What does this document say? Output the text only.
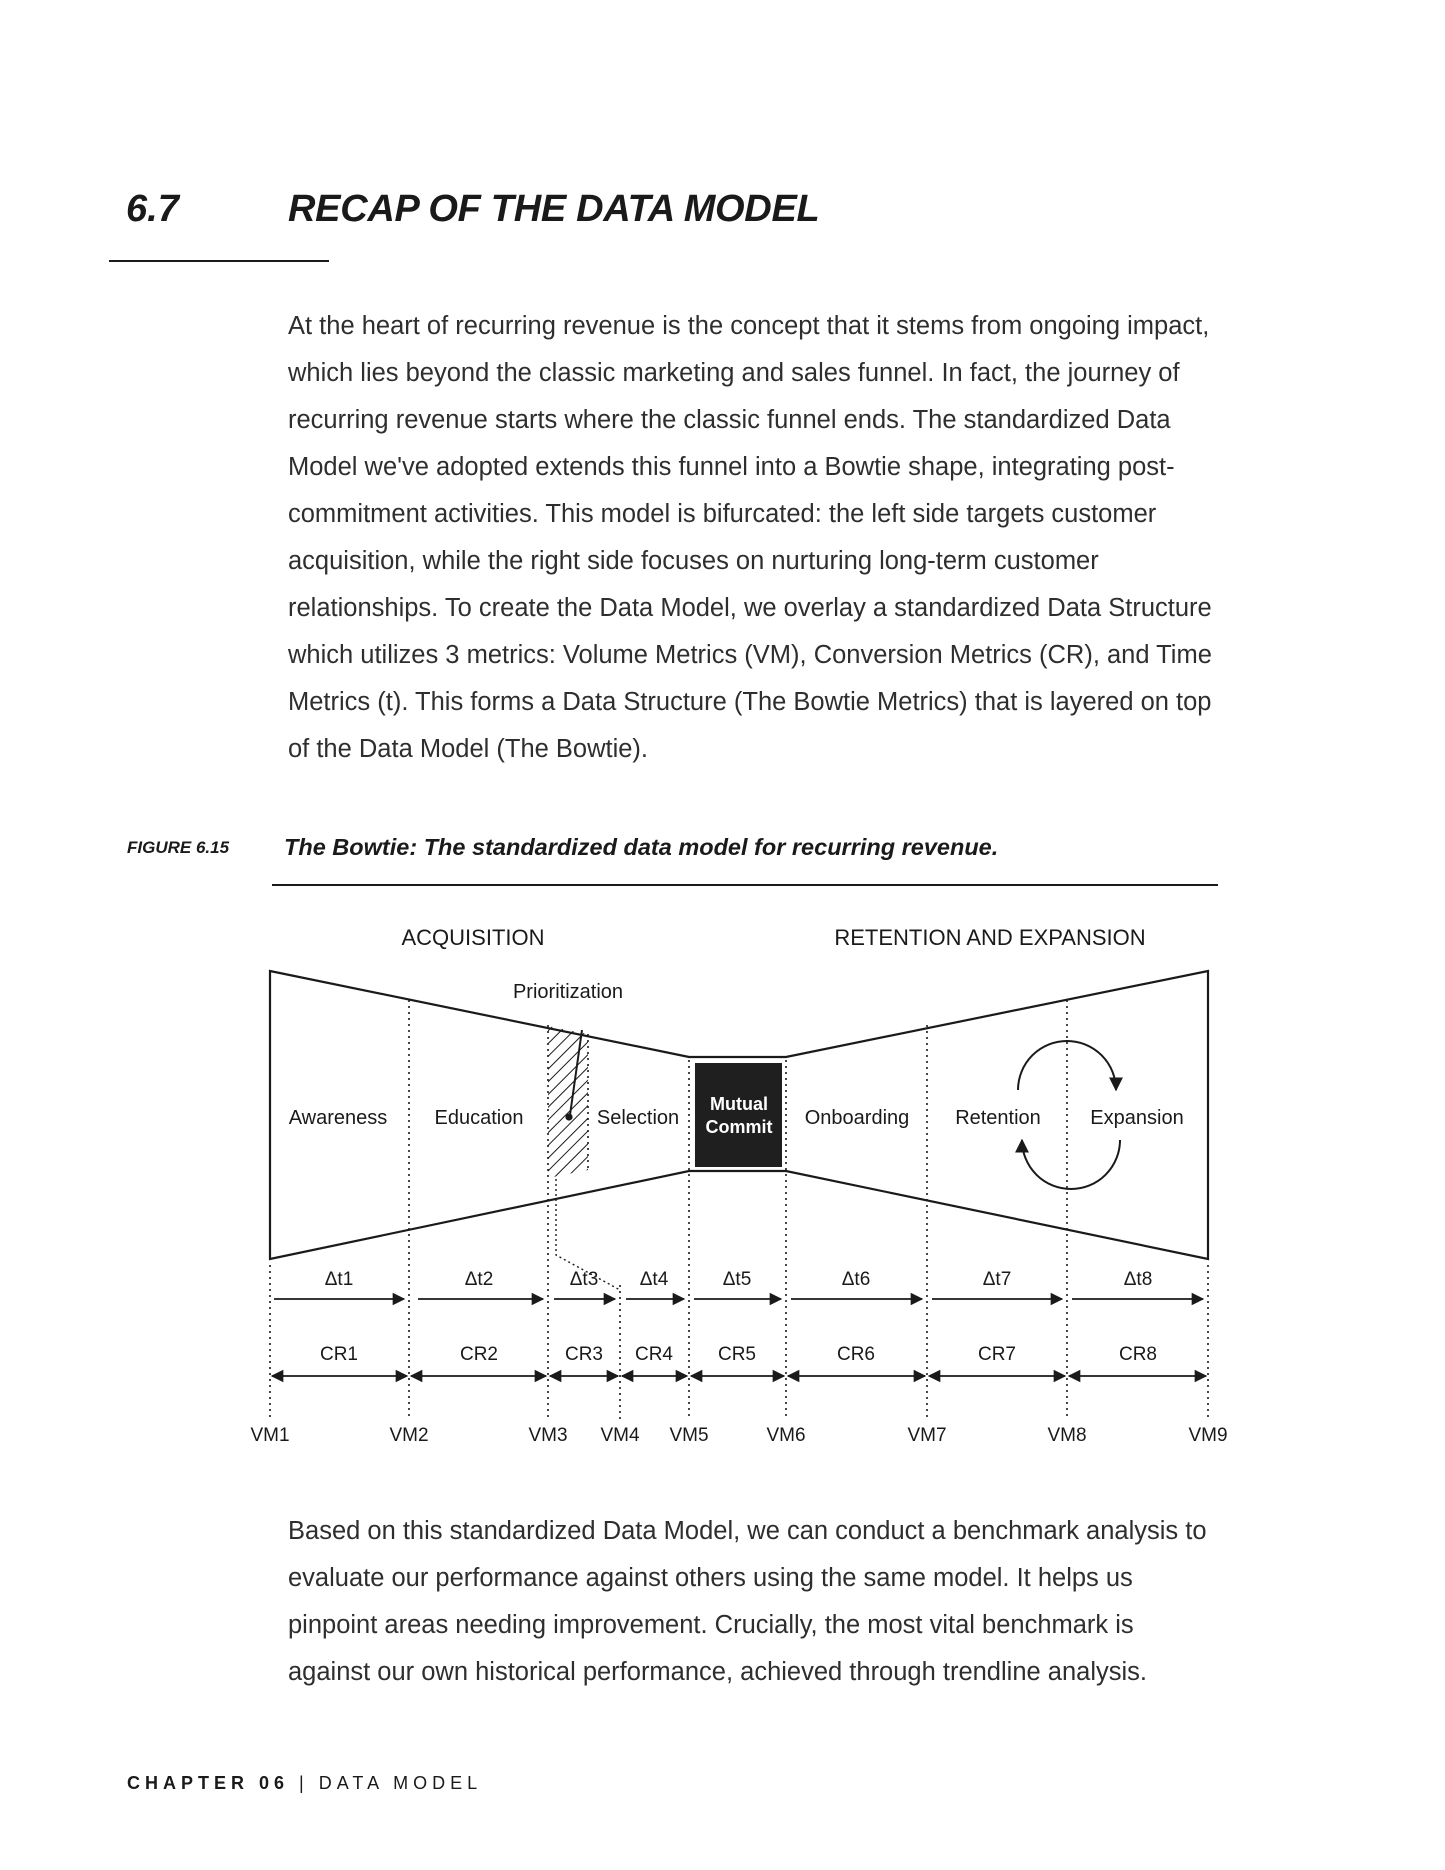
6.7	RECAP OF THE DATA MODEL

At the heart of recurring revenue is the concept that it stems from ongoing impact, which lies beyond the classic marketing and sales funnel. In fact, the journey of recurring revenue starts where the classic funnel ends. The standardized Data Model we've adopted extends this funnel into a Bowtie shape, integrating post-commitment activities. This model is bifurcated: the left side targets customer acquisition, while the right side focuses on nurturing long-term customer relationships. To create the Data Model, we overlay a standardized Data Structure which utilizes 3 metrics: Volume Metrics (VM), Conversion Metrics (CR), and Time Metrics (t). This forms a Data Structure (The Bowtie Metrics) that is layered on top of the Data Model (The Bowtie).

FIGURE 6.15 The Bowtie: The standardized data model for recurring revenue.
ACQUISITION	RETENTION AND EXPANSION
Prioritization
Mutual
Commit
Awareness Education	Selection	Onboarding Retention Expansion
Δt1	Δt2	Δt3 Δt4	Δt5	Δt6	Δt7	Δt8
CR1	CR2	CR3 CR4 CR5	CR6	CR7	CR8
VM1	VM2	VM3 VM4 VM5	VM6	VM7	VM8	VM9

Based on this standardized Data Model, we can conduct a benchmark analysis to evaluate our performance against others using the same model. It helps us pinpoint areas needing improvement. Crucially, the most vital benchmark is against our own historical performance, achieved through trendline analysis.

CHAPTER 06 | DATA MODEL
